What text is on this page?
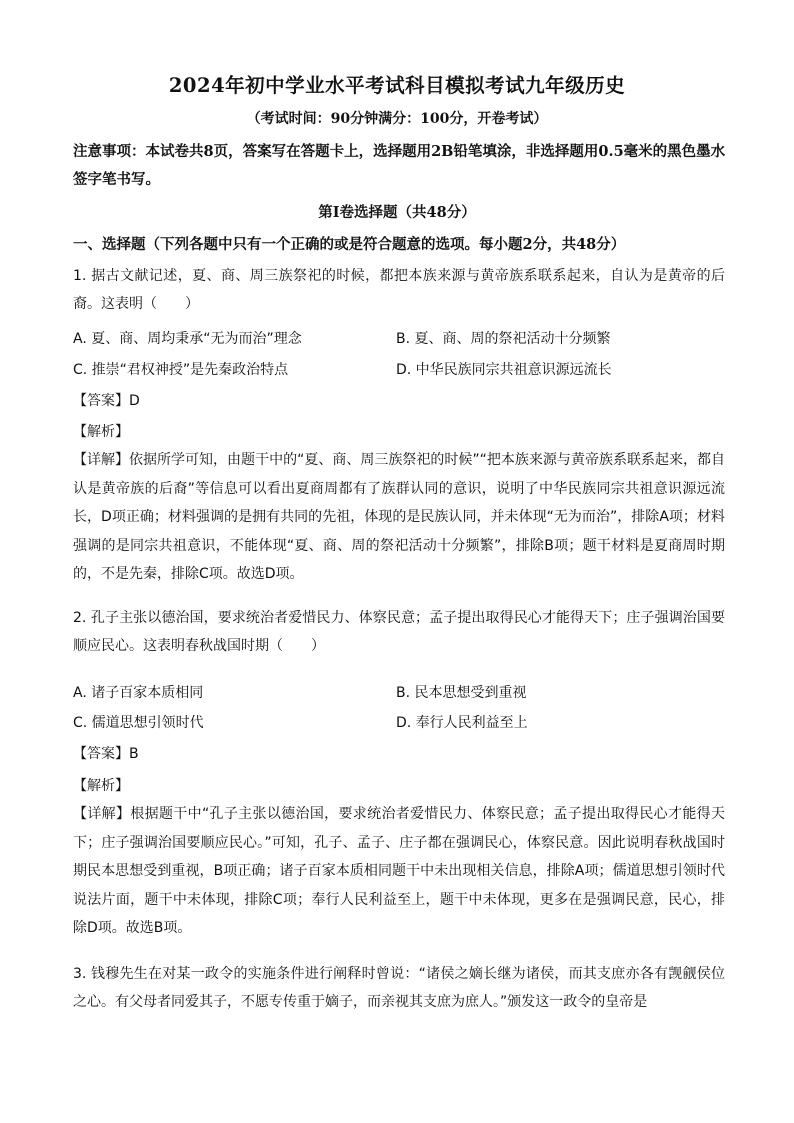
2024年初中学业水平考试科目模拟考试九年级历史
（考试时间：90分钟满分：100分，开卷考试）
注意事项：本试卷共8页，答案写在答题卡上，选择题用2B铅笔填涂，非选择题用0.5毫米的黑色墨水签字笔书写。
第Ⅰ卷选择题（共48分）
一、选择题（下列各题中只有一个正确的或是符合题意的选项。每小题2分，共48分）
1. 据古文献记述，夏、商、周三族祭祀的时候，都把本族来源与黄帝族系联系起来，自认为是黄帝的后裔。这表明（　　）
A. 夏、商、周均秉承“无为而治”理念	B. 夏、商、周的祭祀活动十分频繁
C. 推崇“君权神授”是先秦政治特点	D. 中华民族同宗共祖意识源远流长
【答案】D
【解析】
【详解】依据所学可知，由题干中的“夏、商、周三族祭祀的时候”“把本族来源与黄帝族系联系起来，都自认是黄帝族的后裔”等信息可以看出夏商周都有了族群认同的意识，说明了中华民族同宗共祖意识源远流长，D项正确；材料强调的是拥有共同的先祖，体现的是民族认同，并未体现“无为而治”，排除A项；材料强调的是同宗共祖意识，不能体现“夏、商、周的祭祀活动十分频繁”，排除B项；题干材料是夏商周时期的，不是先秦，排除C项。故选D项。
2. 孔子主张以德治国，要求统治者爱惜民力、体察民意；孟子提出取得民心才能得天下；庄子强调治国要顺应民心。这表明春秋战国时期（　　）
A. 诸子百家本质相同	B. 民本思想受到重视
C. 儒道思想引领时代	D. 奉行人民利益至上
【答案】B
【解析】
【详解】根据题干中“孔子主张以德治国，要求统治者爱惜民力、体察民意；孟子提出取得民心才能得天下；庄子强调治国要顺应民心。”可知，孔子、孟子、庄子都在强调民心，体察民意。因此说明春秋战国时期民本思想受到重视，B项正确；诸子百家本质相同题干中未出现相关信息，排除A项；儒道思想引领时代说法片面，题干中未体现，排除C项；奉行人民利益至上，题干中未体现，更多在是强调民意，民心，排除D项。故选B项。
3. 钱穆先生在对某一政令的实施条件进行阐释时曾说：“诸侯之嫡长继为诸侯，而其支庶亦各有觊觎侯位之心。有父母者同爱其子，不愿专传重于嫡子，而亲视其支庶为庶人。”颁发这一政令的皇帝是
